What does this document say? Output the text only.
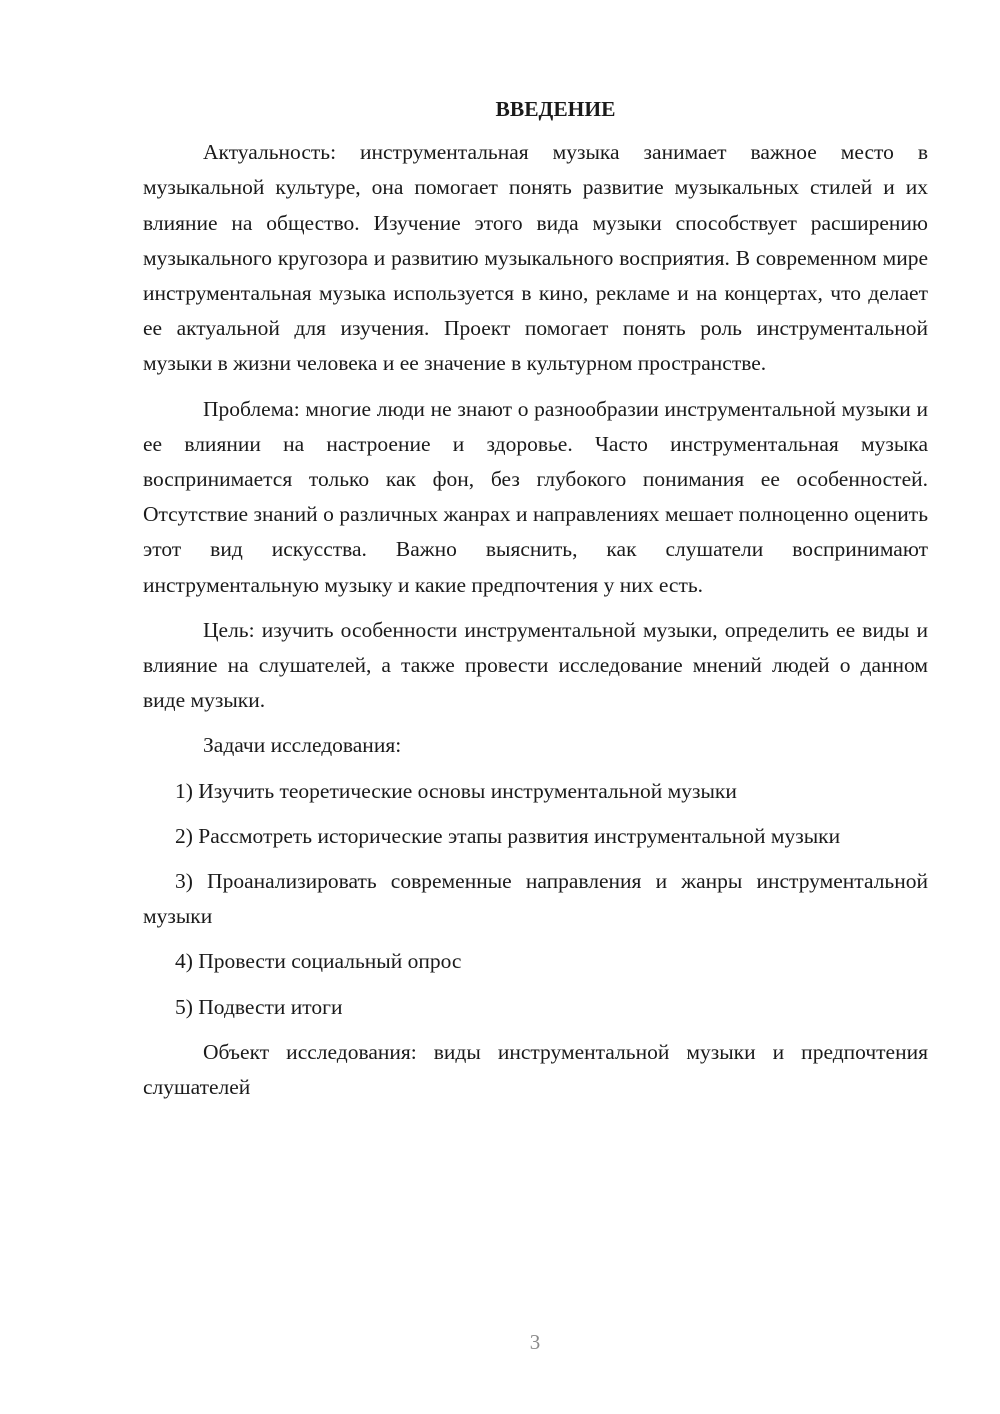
ВВЕДЕНИЕ

Актуальность: инструментальная музыка занимает важное место в музыкальной культуре, она помогает понять развитие музыкальных стилей и их влияние на общество. Изучение этого вида музыки способствует расширению музыкального кругозора и развитию музыкального восприятия. В современном мире инструментальная музыка используется в кино, рекламе и на концертах, что делает ее актуальной для изучения. Проект помогает понять роль инструментальной музыки в жизни человека и ее значение в культурном пространстве.

Проблема: многие люди не знают о разнообразии инструментальной музыки и ее влиянии на настроение и здоровье. Часто инструментальная музыка воспринимается только как фон, без глубокого понимания ее особенностей. Отсутствие знаний о различных жанрах и направлениях мешает полноценно оценить этот вид искусства. Важно выяснить, как слушатели воспринимают инструментальную музыку и какие предпочтения у них есть.

Цель: изучить особенности инструментальной музыки, определить ее виды и влияние на слушателей, а также провести исследование мнений людей о данном виде музыки.

Задачи исследования:

1) Изучить теоретические основы инструментальной музыки

2) Рассмотреть исторические этапы развития инструментальной музыки

3) Проанализировать современные направления и жанры инструментальной музыки

4) Провести социальный опрос

5) Подвести итоги

Объект исследования: виды инструментальной музыки и предпочтения слушателей

3
